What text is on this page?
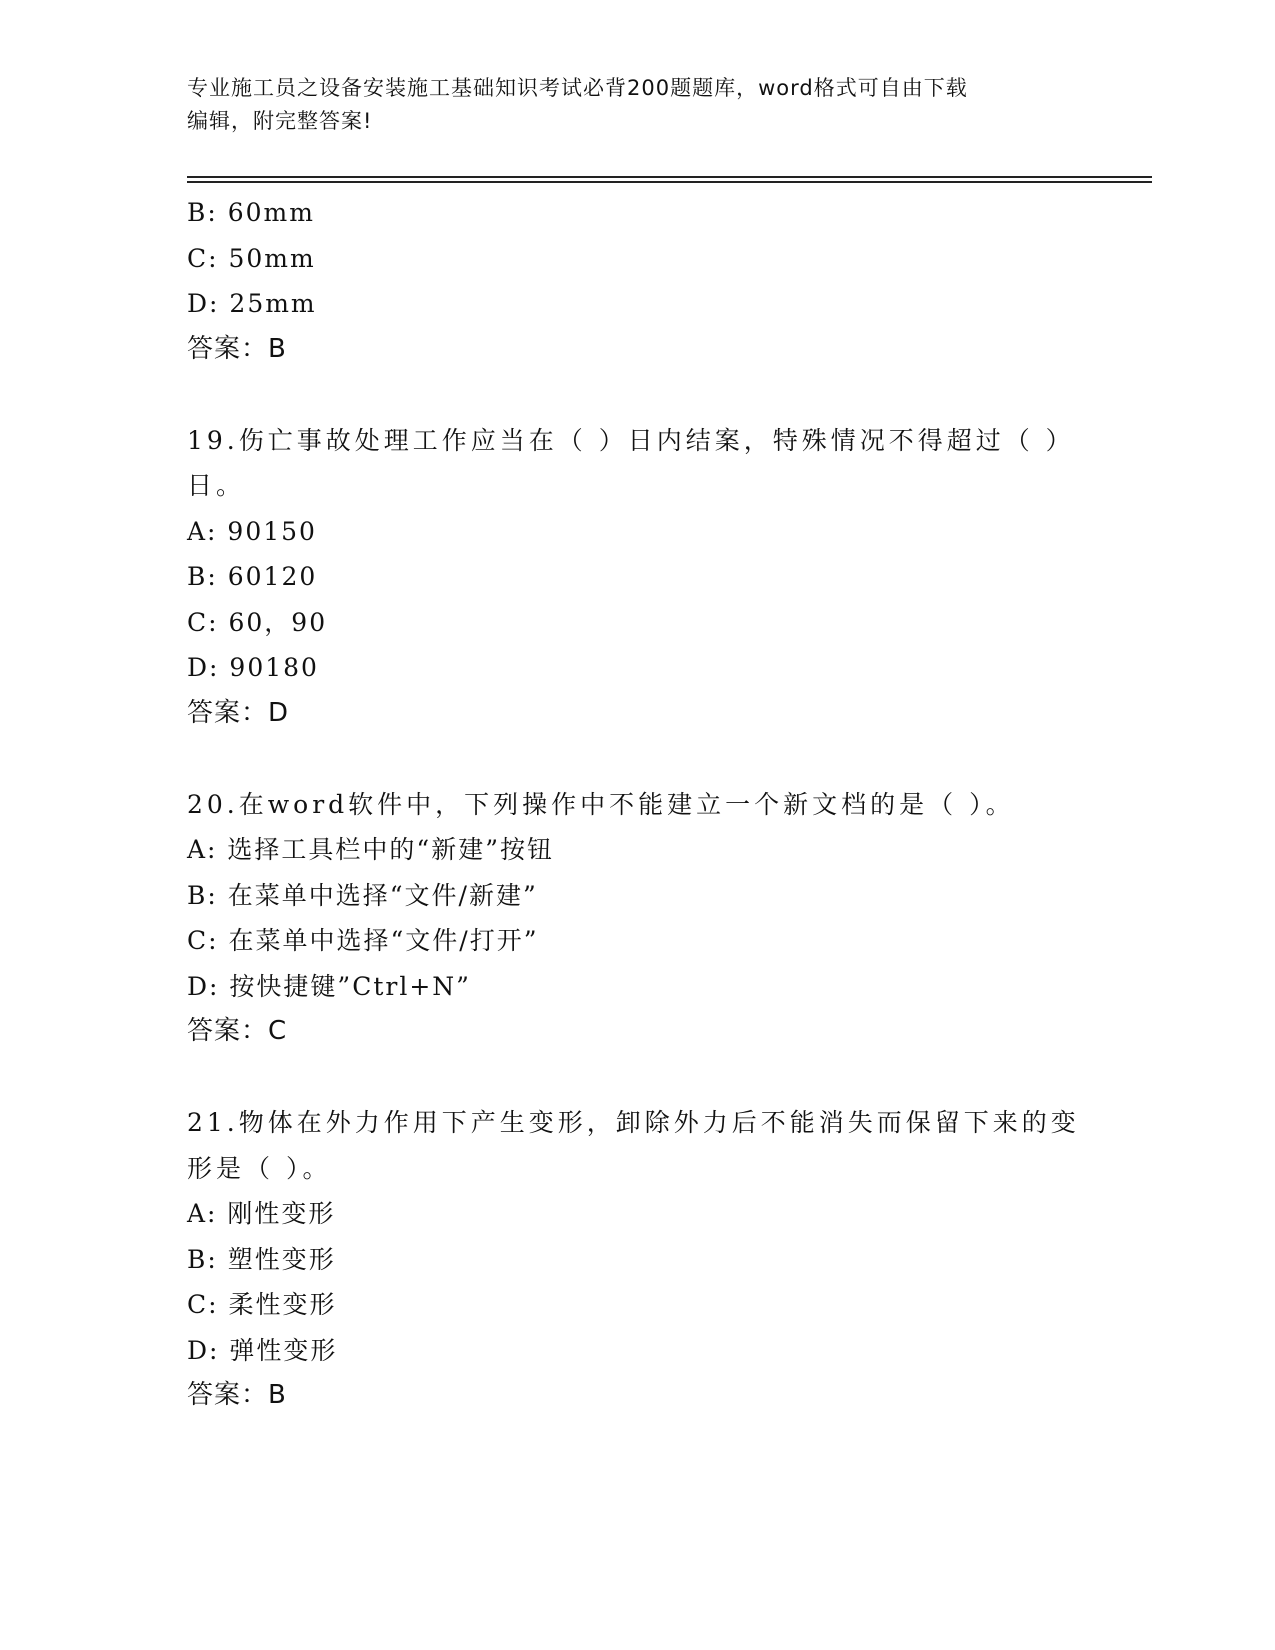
专业施工员之设备安装施工基础知识考试必背200题题库，word格式可自由下载
编辑，附完整答案!
B: 60mm
C: 50mm
D: 25mm
答案：B
19.伤亡事故处理工作应当在（ ）日内结案，特殊情况不得超过（ ）
日。
A: 90150
B: 60120
C: 60，90
D: 90180
答案：D
20.在word软件中，下列操作中不能建立一个新文档的是（ ）。
A: 选择工具栏中的“新建”按钮
B: 在菜单中选择“文件/新建”
C: 在菜单中选择“文件/打开”
D: 按快捷键”Ctrl+N”
答案：C
21.物体在外力作用下产生变形，卸除外力后不能消失而保留下来的变
形是（ ）。
A: 刚性变形
B: 塑性变形
C: 柔性变形
D: 弹性变形
答案：B
